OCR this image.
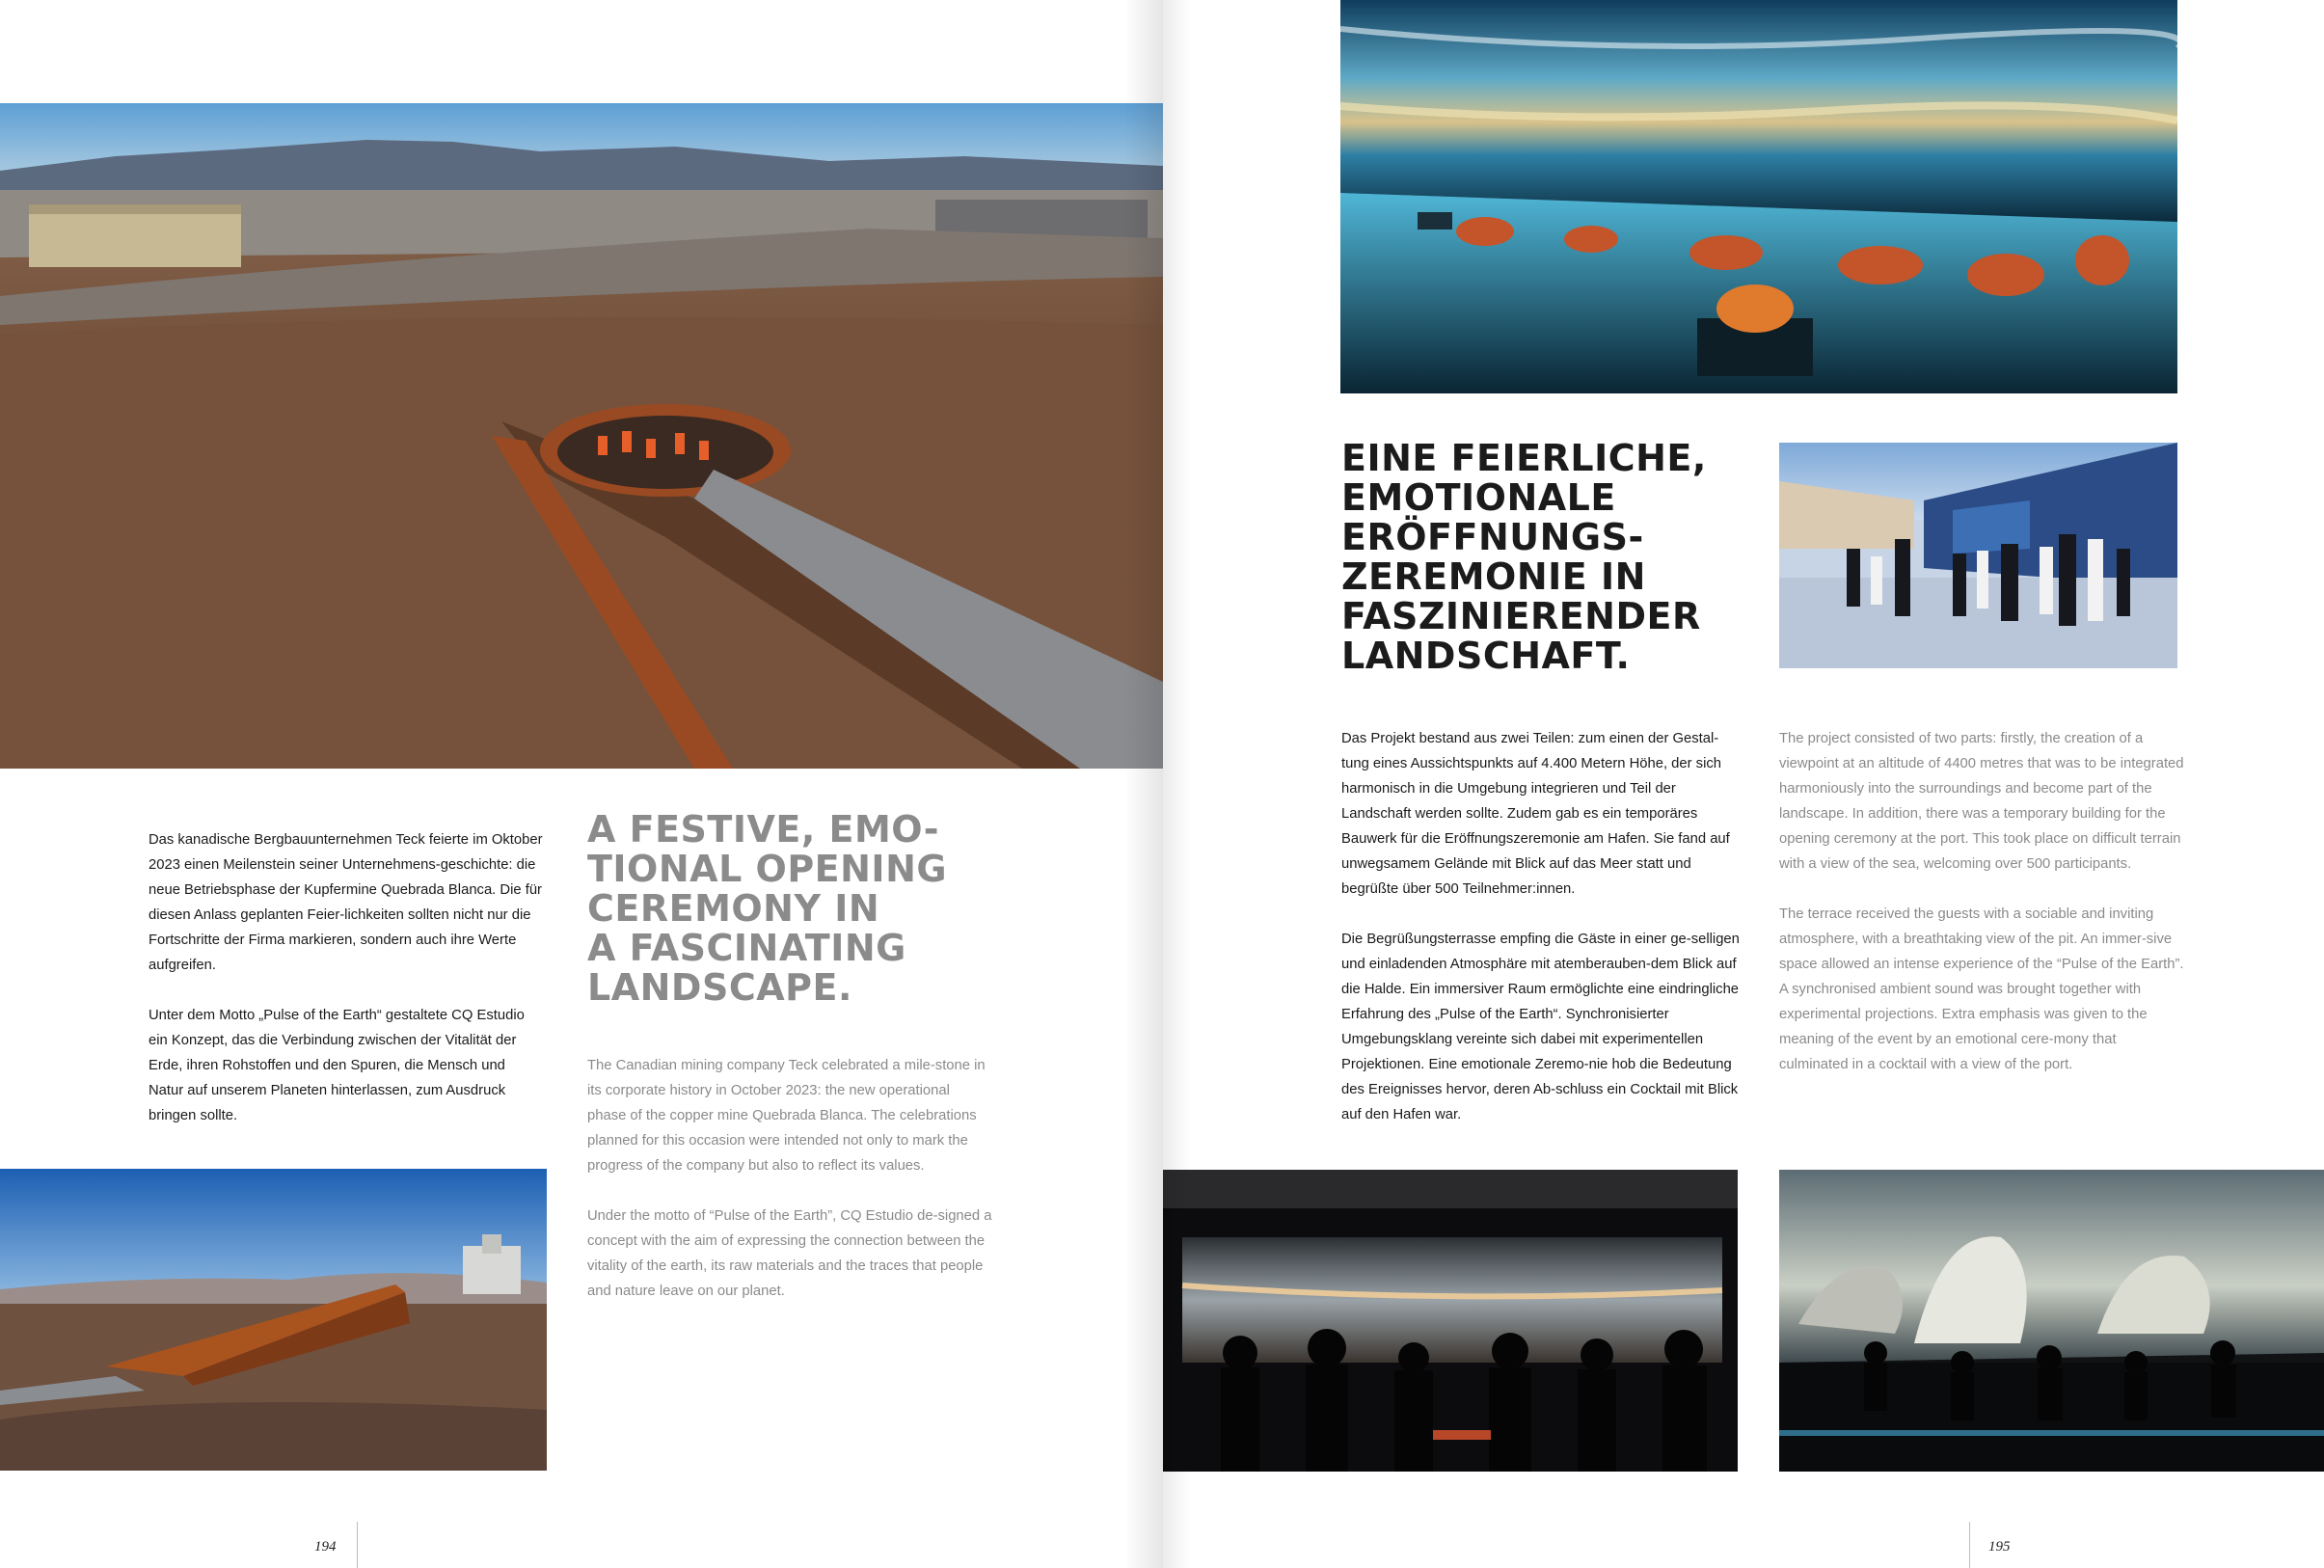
Das kanadische Bergbauunternehmen Teck feierte im Oktober 2023 einen Meilenstein seiner Unternehmens-geschichte: die neue Betriebsphase der Kupfermine Quebrada Blanca. Die für diesen Anlass geplanten Feier-lichkeiten sollten nicht nur die Fortschritte der Firma markieren, sondern auch ihre Werte aufgreifen.

Unter dem Motto „Pulse of the Earth“ gestaltete CQ Estudio ein Konzept, das die Verbindung zwischen der Vitalität der Erde, ihren Rohstoffen und den Spuren, die Mensch und Natur auf unserem Planeten hinterlassen, zum Ausdruck bringen sollte.

A FESTIVE, EMO-
TIONAL OPENING
CEREMONY IN
A FASCINATING
LANDSCAPE.

The Canadian mining company Teck celebrated a mile-stone in its corporate history in October 2023: the new operational phase of the copper mine Quebrada Blanca. The celebrations planned for this occasion were intended not only to mark the progress of the company but also to reflect its values.

Under the motto of “Pulse of the Earth”, CQ Estudio de-signed a concept with the aim of expressing the connection between the vitality of the earth, its raw materials and the traces that people and nature leave on our planet.

194
EINE FEIERLICHE,
EMOTIONALE
ERÖFFNUNGS-
ZEREMONIE IN
FASZINIERENDER
LANDSCHAFT.

Das Projekt bestand aus zwei Teilen: zum einen der Gestal-tung eines Aussichtspunkts auf 4.400 Metern Höhe, der sich harmonisch in die Umgebung integrieren und Teil der Landschaft werden sollte. Zudem gab es ein temporäres Bauwerk für die Eröffnungszeremonie am Hafen. Sie fand auf unwegsamem Gelände mit Blick auf das Meer statt und begrüßte über 500 Teilnehmer:innen.

Die Begrüßungsterrasse empfing die Gäste in einer ge-selligen und einladenden Atmosphäre mit atemberauben-dem Blick auf die Halde. Ein immersiver Raum ermöglichte eine eindringliche Erfahrung des „Pulse of the Earth“. Synchronisierter Umgebungsklang vereinte sich dabei mit experimentellen Projektionen. Eine emotionale Zeremo-nie hob die Bedeutung des Ereignisses hervor, deren Ab-schluss ein Cocktail mit Blick auf den Hafen war.

The project consisted of two parts: firstly, the creation of a viewpoint at an altitude of 4400 metres that was to be integrated harmoniously into the surroundings and become part of the landscape. In addition, there was a temporary building for the opening ceremony at the port. This took place on difficult terrain with a view of the sea, welcoming over 500 participants.

The terrace received the guests with a sociable and inviting atmosphere, with a breathtaking view of the pit. An immer-sive space allowed an intense experience of the “Pulse of the Earth”. A synchronised ambient sound was brought together with experimental projections. Extra emphasis was given to the meaning of the event by an emotional cere-mony that culminated in a cocktail with a view of the port.

195
